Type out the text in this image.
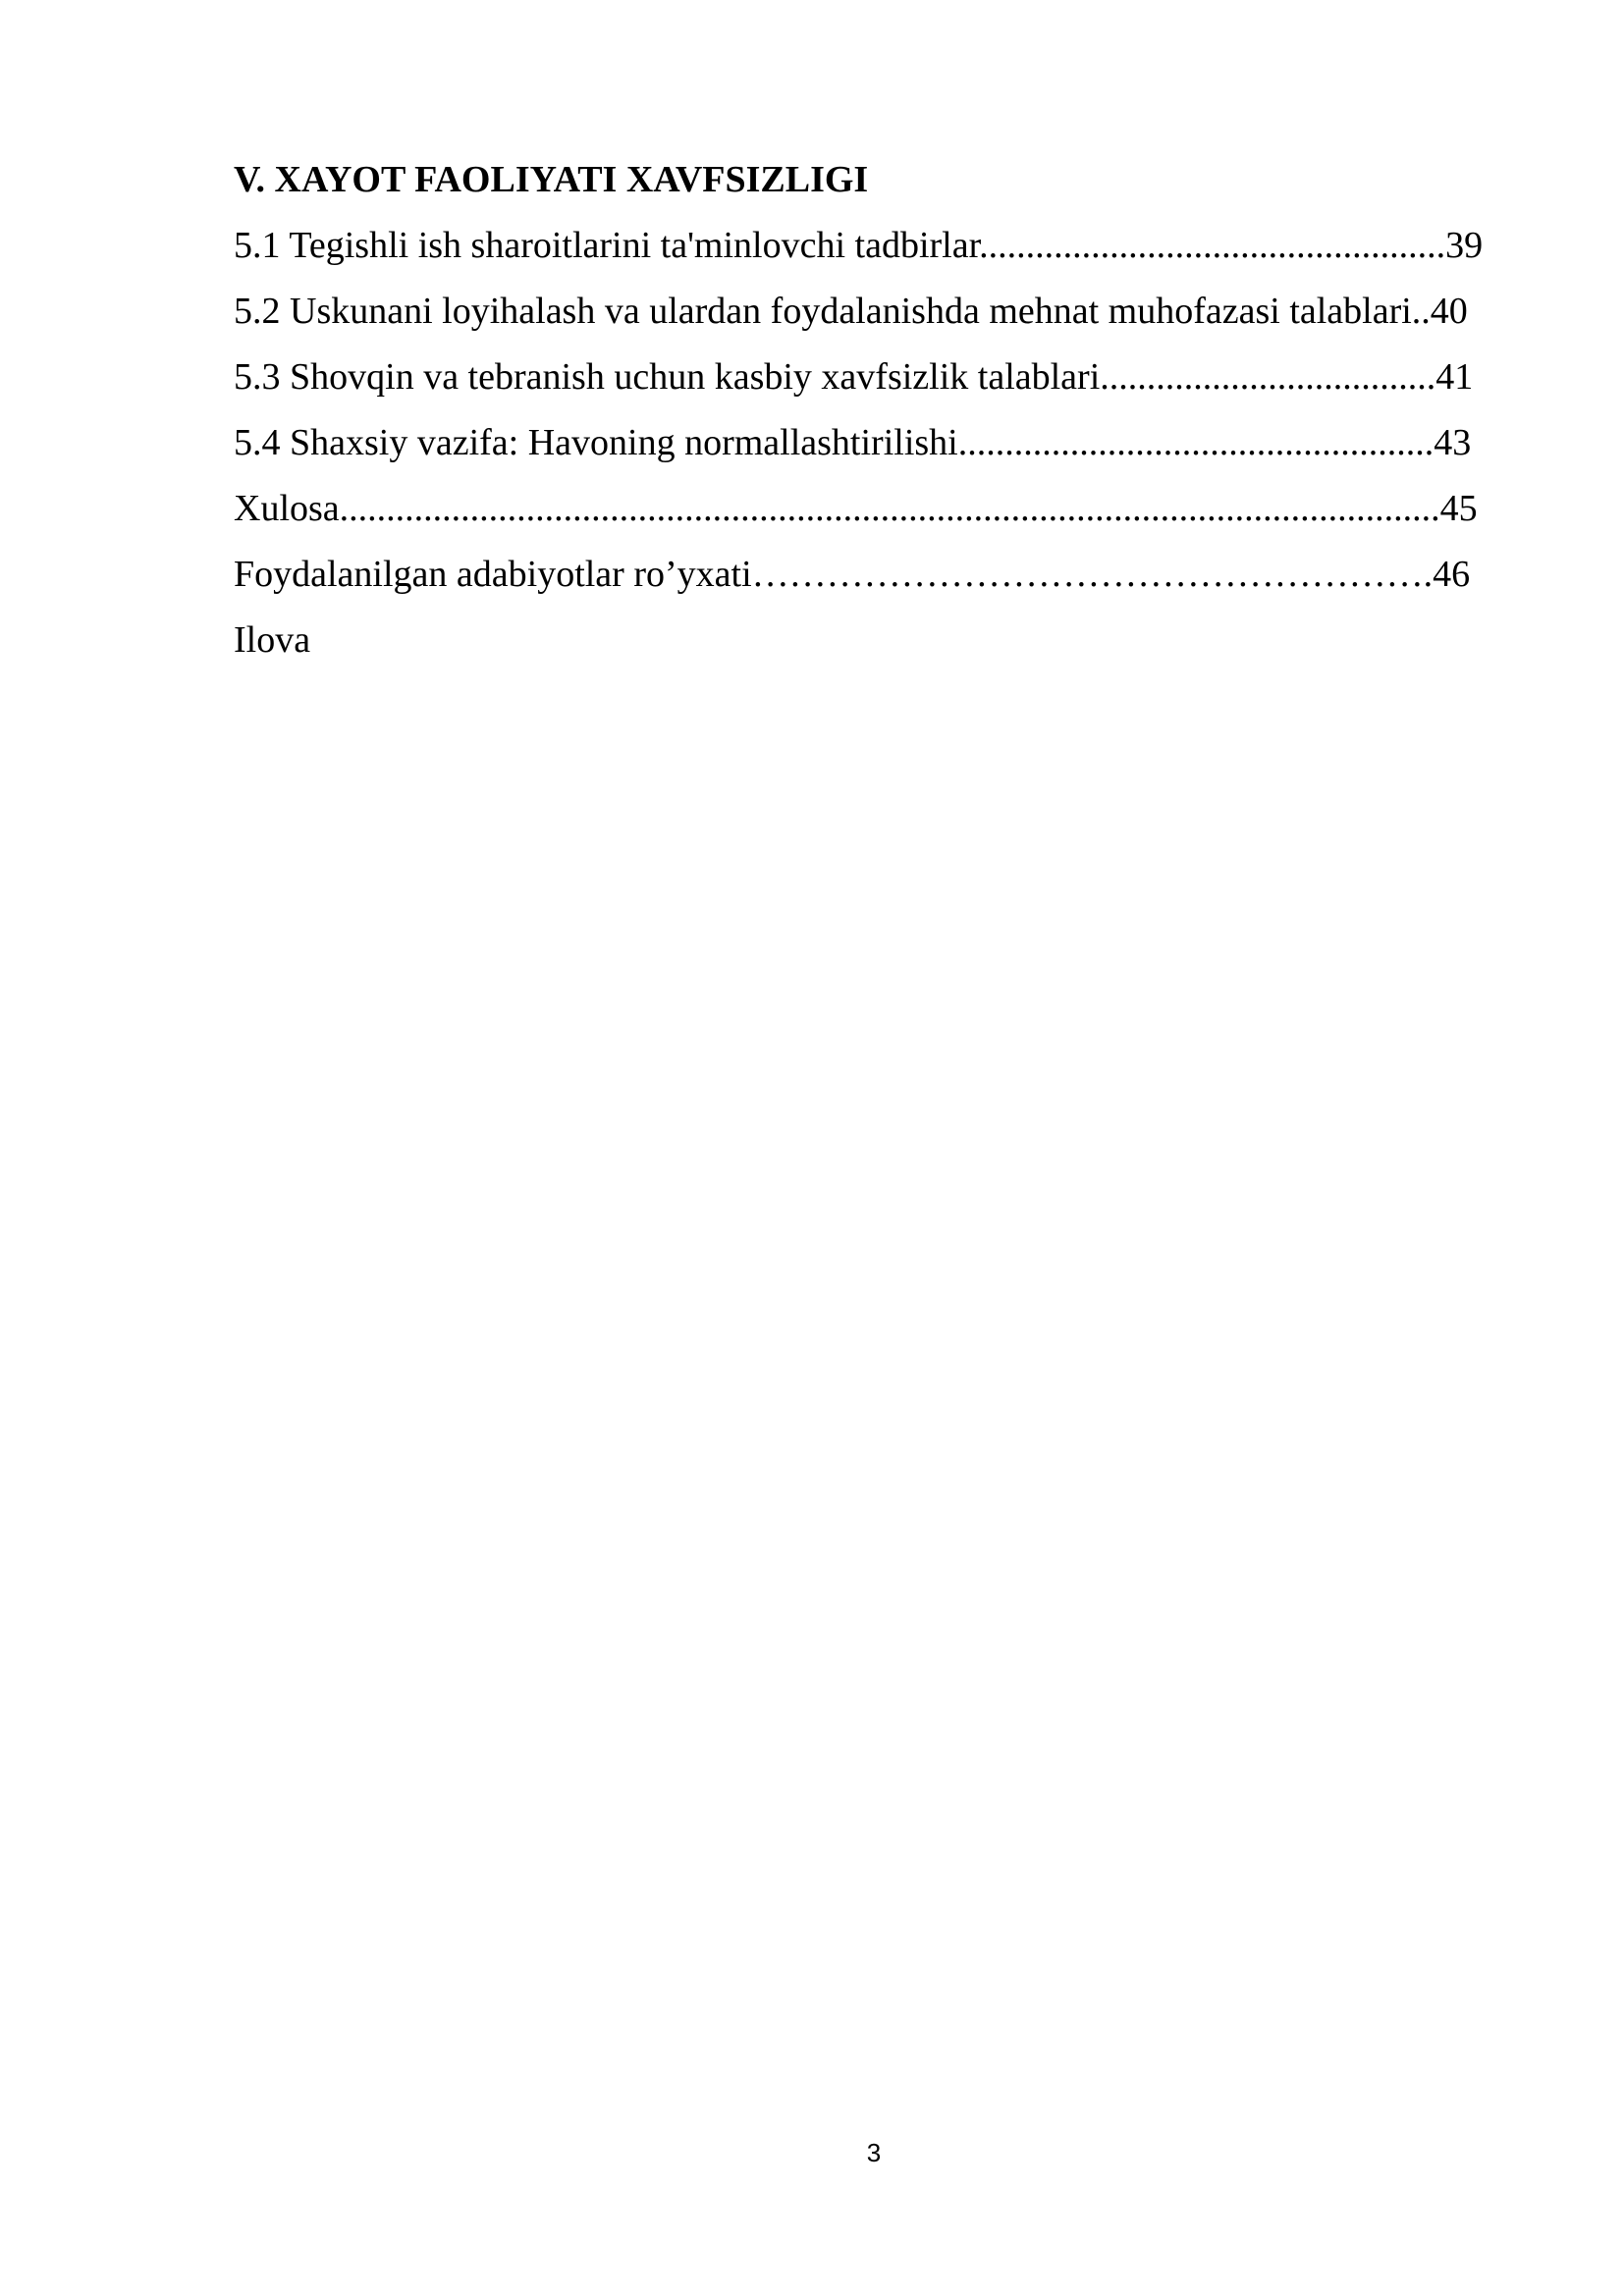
V. XAYOT FAOLIYATI XAVFSIZLIGI
5.1 Tegishli ish sharoitlarini ta'minlovchi tadbirlar..................................................39
5.2 Uskunani loyihalash va ulardan foydalanishda mehnat muhofazasi talablari..40
5.3 Shovqin va tebranish uchun kasbiy xavfsizlik talablari....................................41
5.4 Shaxsiy vazifa: Havoning normallashtirilishi...................................................43
Xulosa......................................................................................................................45
Foydalanilgan adabiyotlar ro’yxati……………………………………………….46
Ilova
3
